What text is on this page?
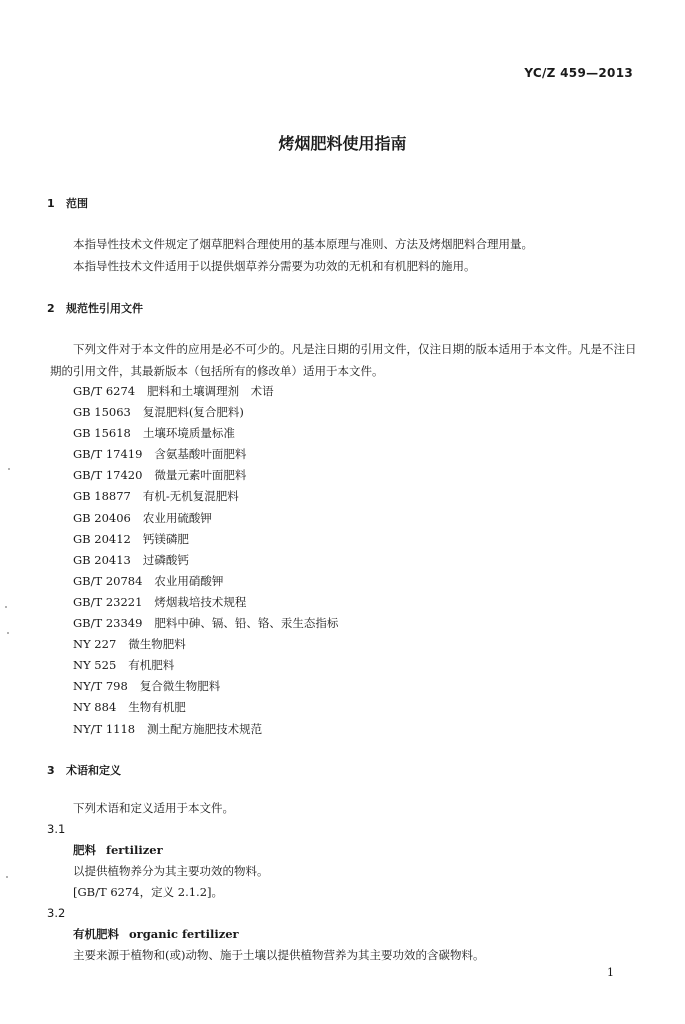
YC/Z 459—2013
烤烟肥料使用指南
1 范围
本指导性技术文件规定了烟草肥料合理使用的基本原理与准则、方法及烤烟肥料合理用量。
本指导性技术文件适用于以提供烟草养分需要为功效的无机和有机肥料的施用。
2 规范性引用文件
下列文件对于本文件的应用是必不可少的。凡是注日期的引用文件，仅注日期的版本适用于本文件。凡是不注日期的引用文件，其最新版本（包括所有的修改单）适用于本文件。
GB/T 6274 肥料和土壤调理剂　术语
GB 15063 复混肥料(复合肥料)
GB 15618 土壤环境质量标准
GB/T 17419 含氨基酸叶面肥料
GB/T 17420 微量元素叶面肥料
GB 18877 有机-无机复混肥料
GB 20406 农业用硫酸钾
GB 20412 钙镁磷肥
GB 20413 过磷酸钙
GB/T 20784 农业用硝酸钾
GB/T 23221 烤烟栽培技术规程
GB/T 23349 肥料中砷、镉、铅、铬、汞生态指标
NY 227 微生物肥料
NY 525 有机肥料
NY/T 798 复合微生物肥料
NY 884 生物有机肥
NY/T 1118 测土配方施肥技术规范
3 术语和定义
下列术语和定义适用于本文件。
3.1
肥料 fertilizer
以提供植物养分为其主要功效的物料。
[GB/T 6274，定义 2.1.2]。
3.2
有机肥料 organic fertilizer
主要来源于植物和(或)动物、施于土壤以提供植物营养为其主要功效的含碳物料。
1
